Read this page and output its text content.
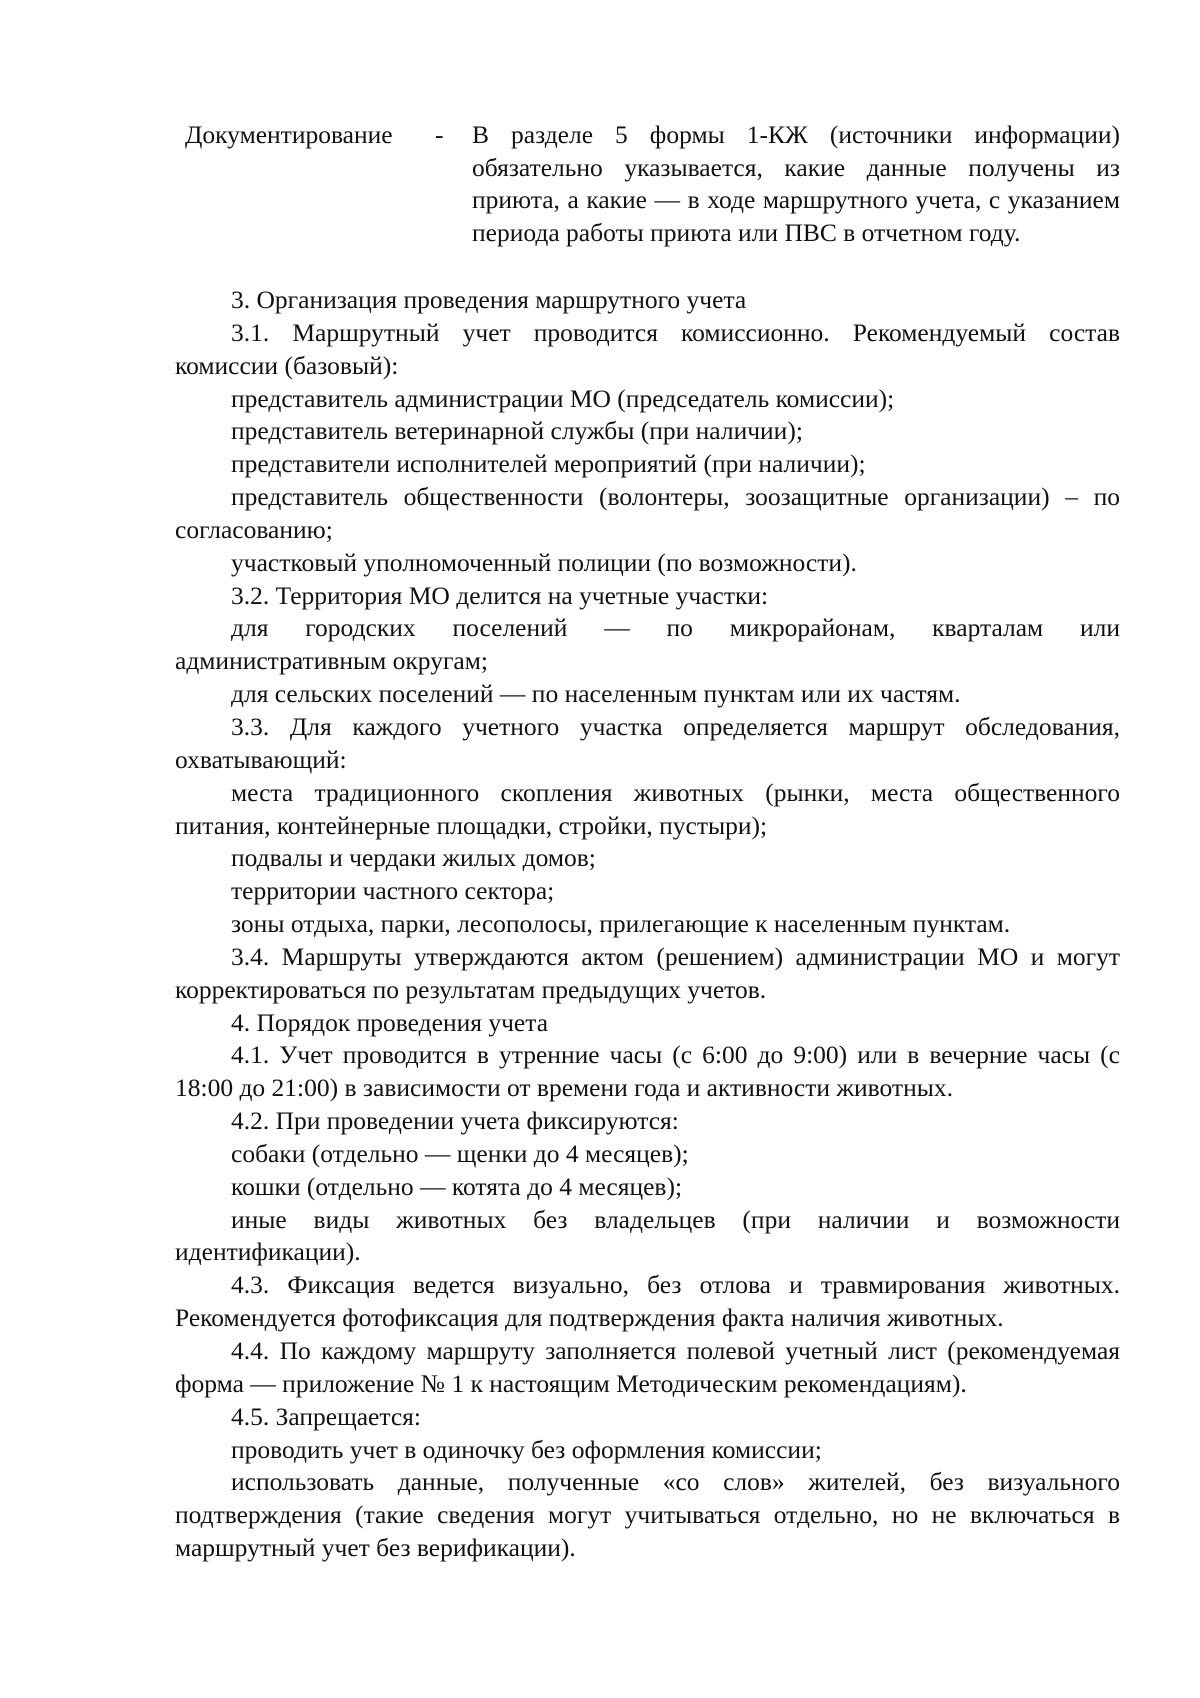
Документирование - В разделе 5 формы 1-КЖ (источники информации) обязательно указывается, какие данные получены из приюта, а какие — в ходе маршрутного учета, с указанием периода работы приюта или ПВС в отчетном году.

3. Организация проведения маршрутного учета

3.1. Маршрутный учет проводится комиссионно. Рекомендуемый состав комиссии (базовый):

представитель администрации МО (председатель комиссии);

представитель ветеринарной службы (при наличии);

представители исполнителей мероприятий (при наличии);

представитель общественности (волонтеры, зоозащитные организации) – по согласованию;

участковый уполномоченный полиции (по возможности).

3.2. Территория МО делится на учетные участки:

для городских поселений — по микрорайонам, кварталам или административным округам;

для сельских поселений — по населенным пунктам или их частям.

3.3. Для каждого учетного участка определяется маршрут обследования, охватывающий:

места традиционного скопления животных (рынки, места общественного питания, контейнерные площадки, стройки, пустыри);

подвалы и чердаки жилых домов;

территории частного сектора;

зоны отдыха, парки, лесополосы, прилегающие к населенным пунктам.

3.4. Маршруты утверждаются актом (решением) администрации МО и могут корректироваться по результатам предыдущих учетов.

4. Порядок проведения учета

4.1. Учет проводится в утренние часы (с 6:00 до 9:00) или в вечерние часы (с 18:00 до 21:00) в зависимости от времени года и активности животных.

4.2. При проведении учета фиксируются:

собаки (отдельно — щенки до 4 месяцев);

кошки (отдельно — котята до 4 месяцев);

иные виды животных без владельцев (при наличии и возможности идентификации).

4.3. Фиксация ведется визуально, без отлова и травмирования животных. Рекомендуется фотофиксация для подтверждения факта наличия животных.

4.4. По каждому маршруту заполняется полевой учетный лист (рекомендуемая форма — приложение № 1 к настоящим Методическим рекомендациям).

4.5. Запрещается:

проводить учет в одиночку без оформления комиссии;

использовать данные, полученные «со слов» жителей, без визуального подтверждения (такие сведения могут учитываться отдельно, но не включаться в маршрутный учет без верификации).
